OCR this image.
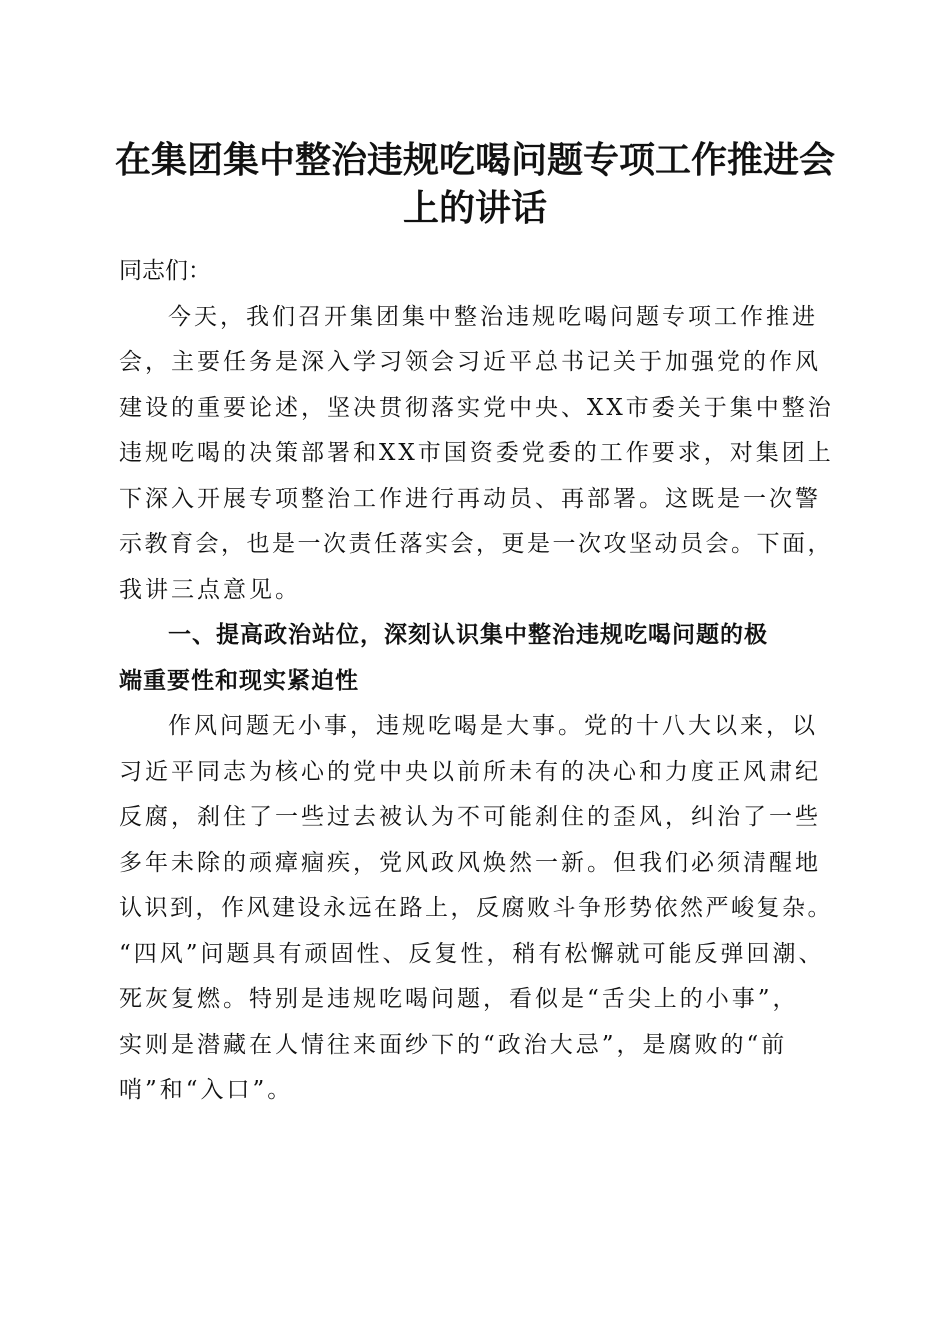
在集团集中整治违规吃喝问题专项工作推进会
上的讲话

同志们：

今天，我们召开集团集中整治违规吃喝问题专项工作推进
会，主要任务是深入学习领会习近平总书记关于加强党的作风
建设的重要论述，坚决贯彻落实党中央、XX市委关于集中整治
违规吃喝的决策部署和XX市国资委党委的工作要求，对集团上
下深入开展专项整治工作进行再动员、再部署。这既是一次警
示教育会，也是一次责任落实会，更是一次攻坚动员会。下面，
我讲三点意见。
一、提高政治站位，深刻认识集中整治违规吃喝问题的极
端重要性和现实紧迫性
作风问题无小事，违规吃喝是大事。党的十八大以来，以
习近平同志为核心的党中央以前所未有的决心和力度正风肃纪
反腐，刹住了一些过去被认为不可能刹住的歪风，纠治了一些
多年未除的顽瘴痼疾，党风政风焕然一新。但我们必须清醒地
认识到，作风建设永远在路上，反腐败斗争形势依然严峻复杂。
“四风”问题具有顽固性、反复性，稍有松懈就可能反弹回潮、
死灰复燃。特别是违规吃喝问题，看似是“舌尖上的小事”，
实则是潜藏在人情往来面纱下的“政治大忌”，是腐败的“前
哨”和“入口”。
